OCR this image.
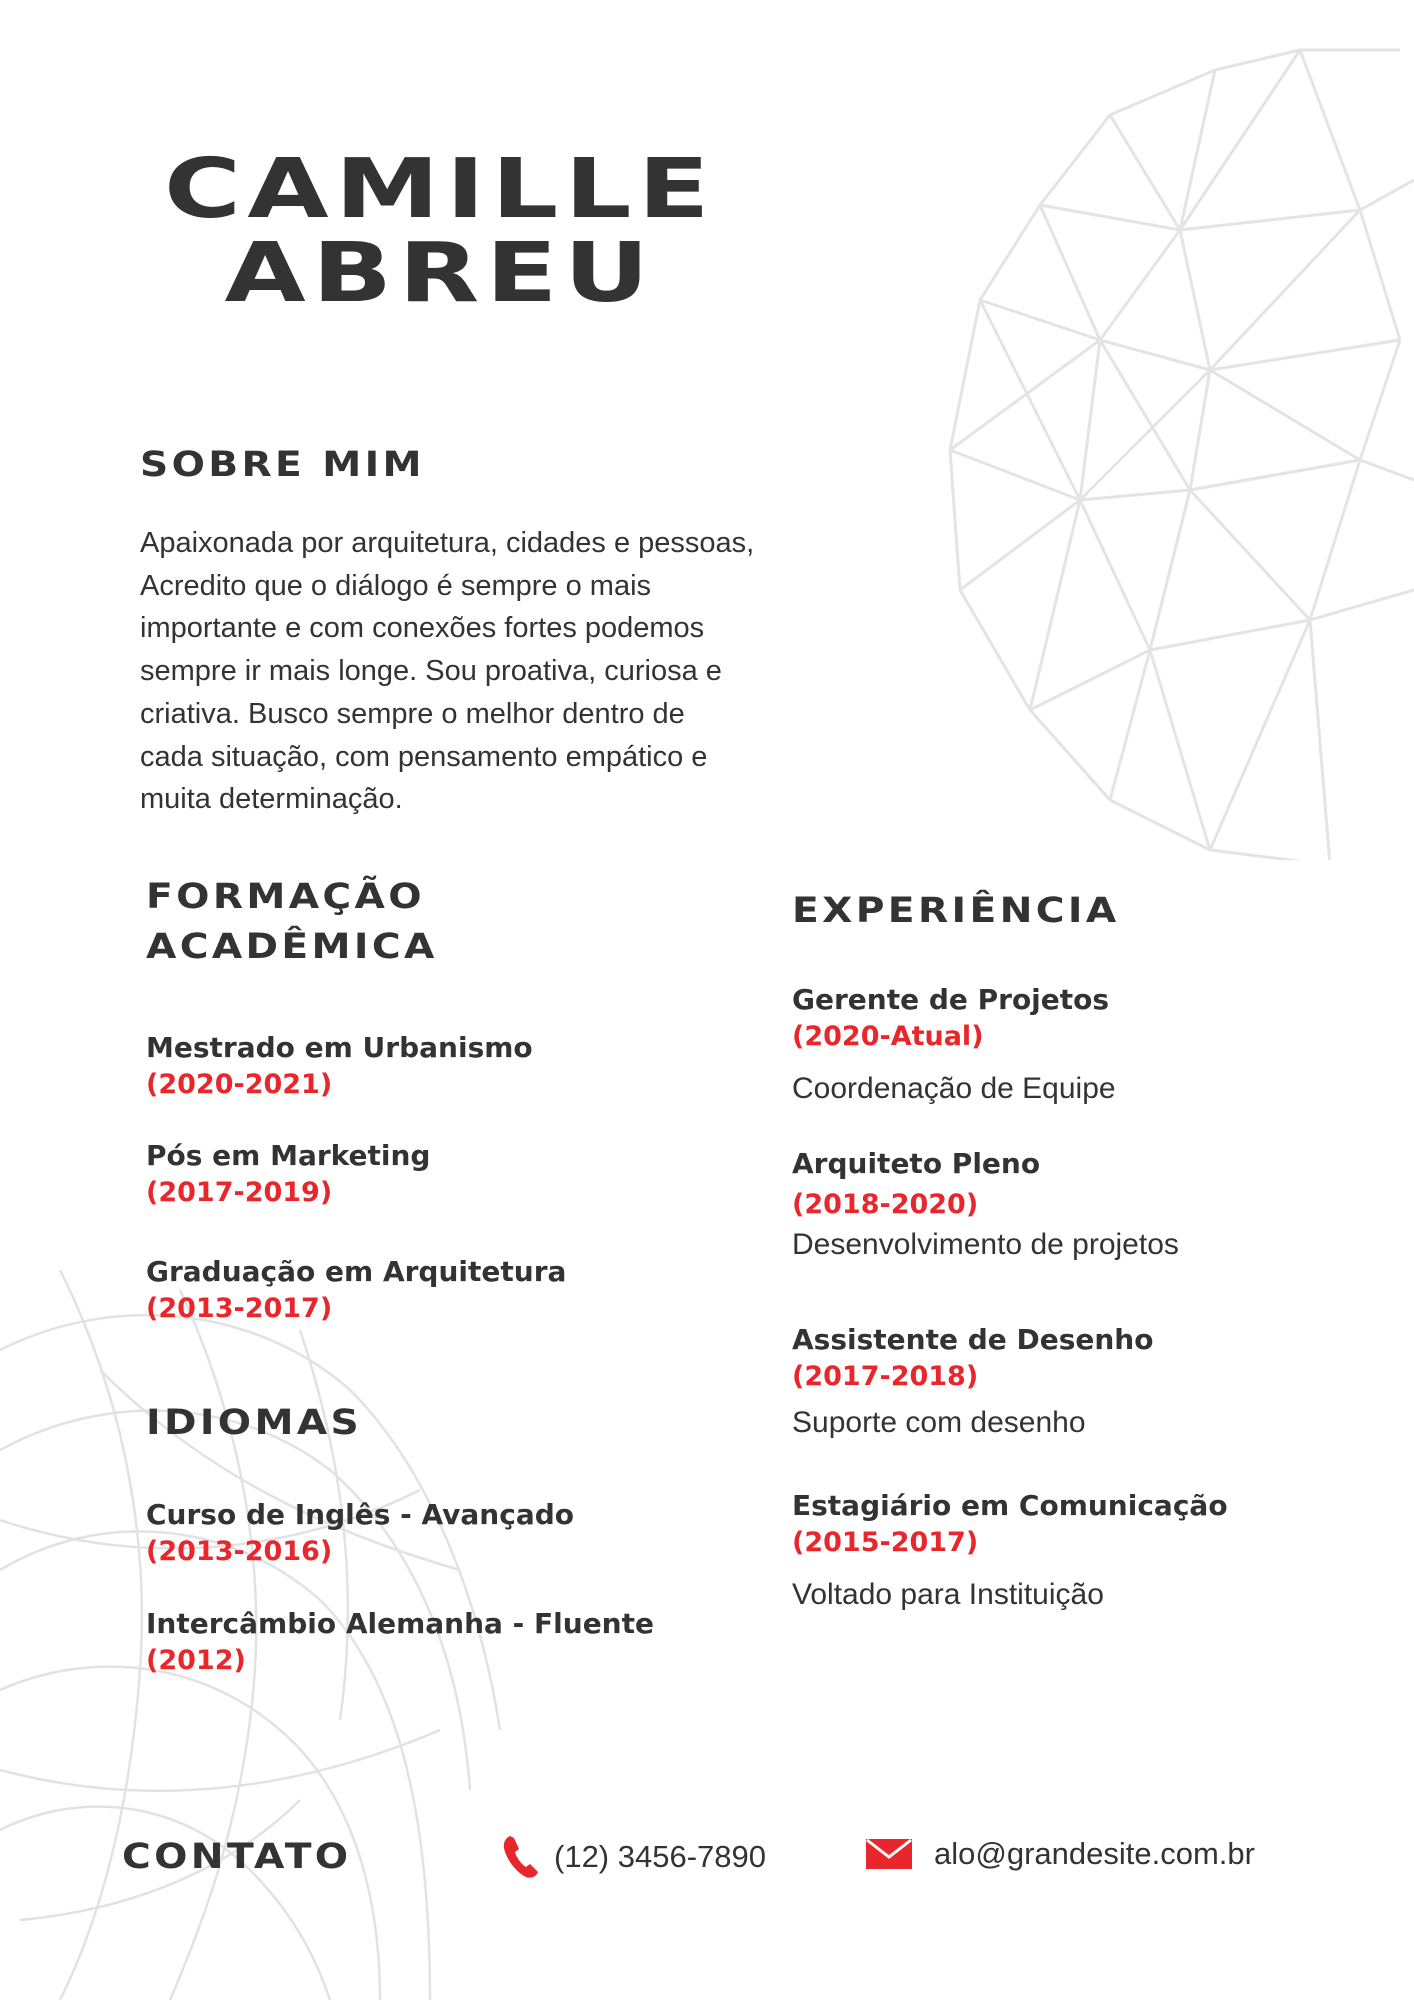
CAMILLE
ABREU
SOBRE MIM

Apaixonada por arquitetura, cidades e pessoas,

Acredito que o diálogo é sempre o mais

importante e com conexões fortes podemos

sempre ir mais longe. Sou proativa, curiosa e

criativa. Busco sempre o melhor dentro de

cada situação, com pensamento empático e

muita determinação.

FORMAÇÃO
ACADÊMICA
Mestrado em Urbanismo
(2020-2021)
Pós em Marketing
(2017-2019)
Graduação em Arquitetura
(2013-2017)
IDIOMAS
Curso de Inglês - Avançado
(2013-2016)
Intercâmbio Alemanha - Fluente
(2012)
EXPERIÊNCIA
Gerente de Projetos
(2020-Atual)
Coordenação de Equipe
Arquiteto Pleno
(2018-2020)
Desenvolvimento de projetos
Assistente de Desenho
(2017-2018)
Suporte com desenho
Estagiário em Comunicação
(2015-2017)
Voltado para Instituição
CONTATO	(12) 3456-7890	alo@grandesite.com.br
